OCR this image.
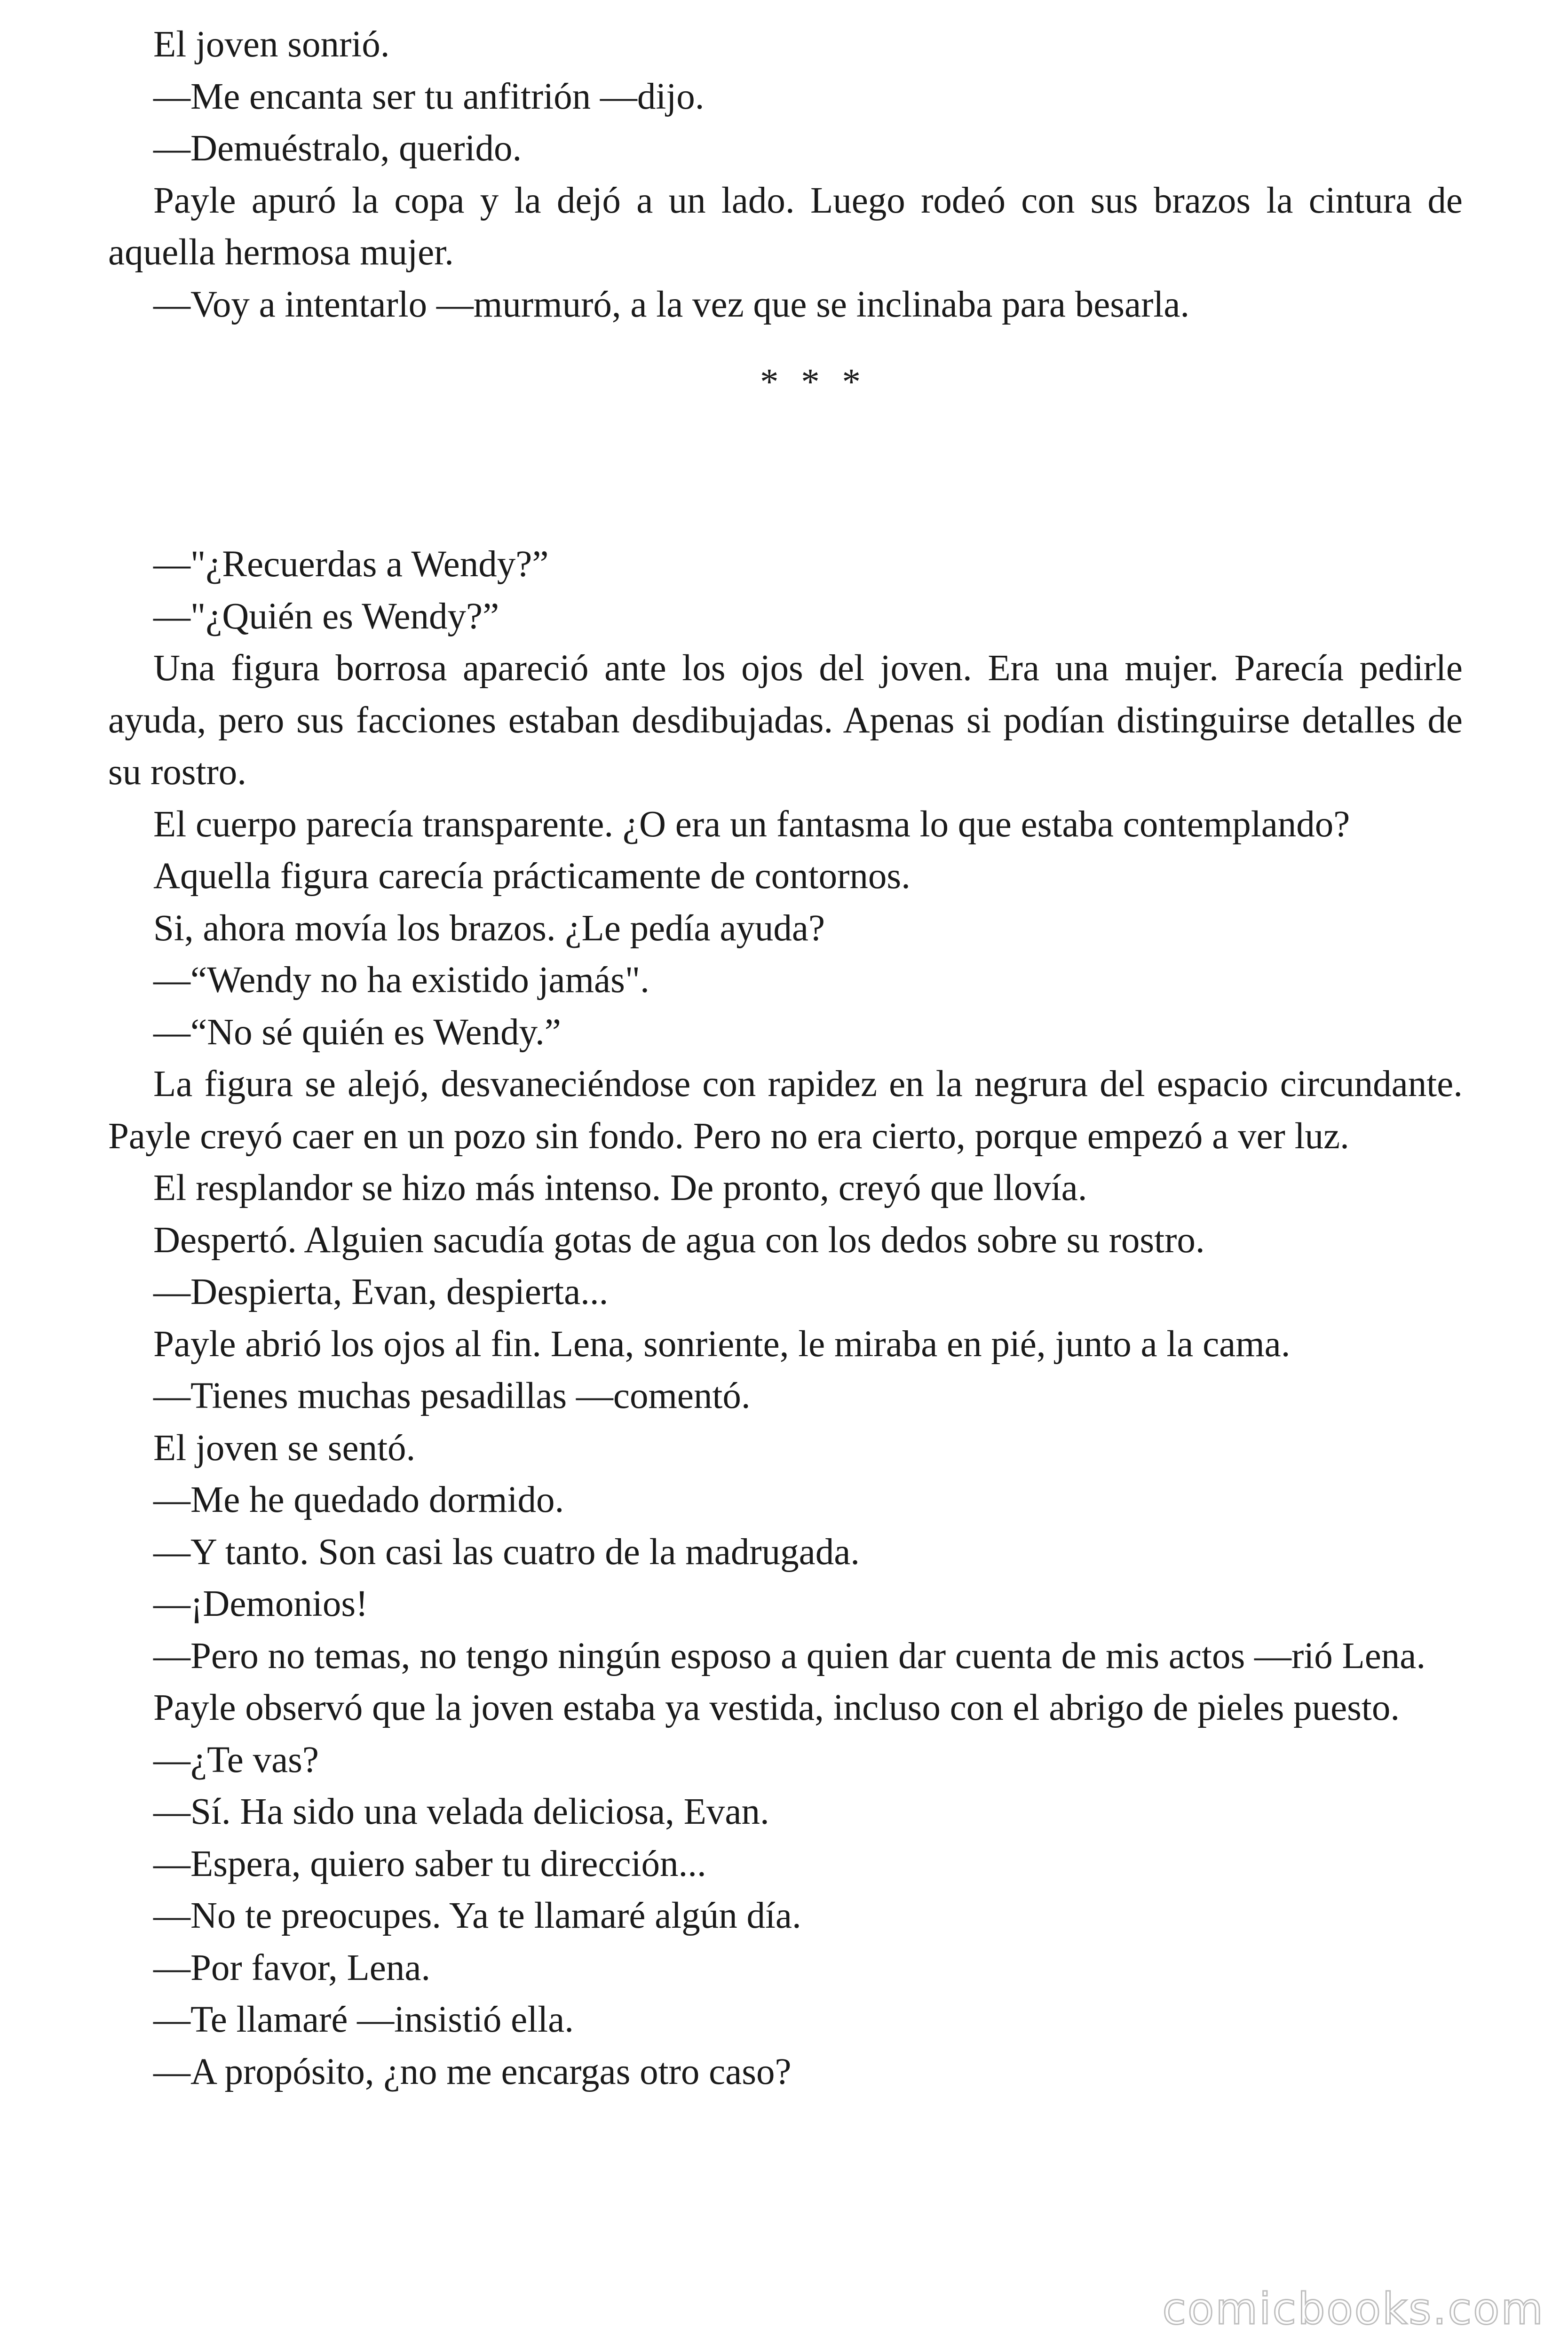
El joven sonrió.

—Me encanta ser tu anfitrión —dijo.

—Demuéstralo, querido.

Payle apuró la copa y la dejó a un lado. Luego rodeó con sus brazos la cintura de aquella hermosa mujer.

—Voy a intentarlo —murmuró, a la vez que se inclinaba para besarla.

* * *

—"¿Recuerdas a Wendy?”

—"¿Quién es Wendy?”

Una figura borrosa apareció ante los ojos del joven. Era una mujer. Parecía pedirle ayuda, pero sus facciones estaban desdibujadas. Apenas si podían distinguirse detalles de su rostro.

El cuerpo parecía transparente. ¿O era un fantasma lo que estaba contemplando?

Aquella figura carecía prácticamente de contornos.

Si, ahora movía los brazos. ¿Le pedía ayuda?

—“Wendy no ha existido jamás".

—“No sé quién es Wendy.”

La figura se alejó, desvaneciéndose con rapidez en la negrura del espacio circundante. Payle creyó caer en un pozo sin fondo. Pero no era cierto, porque empezó a ver luz.

El resplandor se hizo más intenso. De pronto, creyó que llovía.

Despertó. Alguien sacudía gotas de agua con los dedos sobre su rostro.

—Despierta, Evan, despierta...

Payle abrió los ojos al fin. Lena, sonriente, le miraba en pié, junto a la cama.

—Tienes muchas pesadillas —comentó.

El joven se sentó.

—Me he quedado dormido.

—Y tanto. Son casi las cuatro de la madrugada.

—¡Demonios!

—Pero no temas, no tengo ningún esposo a quien dar cuenta de mis actos —rió Lena.

Payle observó que la joven estaba ya vestida, incluso con el abrigo de pieles puesto.

—¿Te vas?

—Sí. Ha sido una velada deliciosa, Evan.

—Espera, quiero saber tu dirección...

—No te preocupes. Ya te llamaré algún día.

—Por favor, Lena.

—Te llamaré —insistió ella.

—A propósito, ¿no me encargas otro caso?

comicbooks.com
